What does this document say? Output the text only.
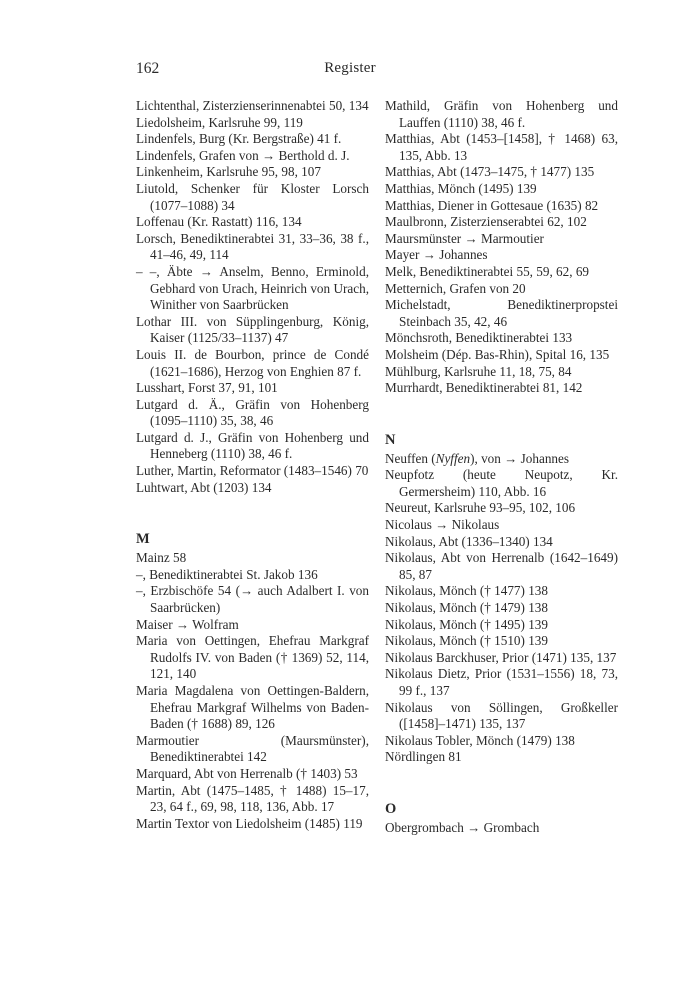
162	Register
Lichtenthal, Zisterzienserinnenabtei 50, 134
Liedolsheim, Karlsruhe 99, 119
Lindenfels, Burg (Kr. Bergstraße) 41 f.
Lindenfels, Grafen von → Berthold d. J.
Linkenheim, Karlsruhe 95, 98, 107
Liutold, Schenker für Kloster Lorsch (1077–1088) 34
Loffenau (Kr. Rastatt) 116, 134
Lorsch, Benediktinerabtei 31, 33–36, 38 f., 41–46, 49, 114
– –, Äbte → Anselm, Benno, Erminold, Gebhard von Urach, Heinrich von Urach, Winither von Saarbrücken
Lothar III. von Süpplingenburg, König, Kaiser (1125/33–1137) 47
Louis II. de Bourbon, prince de Condé (1621–1686), Herzog von Enghien 87 f.
Lusshart, Forst 37, 91, 101
Lutgard d. Ä., Gräfin von Hohenberg (1095–1110) 35, 38, 46
Lutgard d. J., Gräfin von Hohenberg und Henneberg (1110) 38, 46 f.
Luther, Martin, Reformator (1483–1546) 70
Luhtwart, Abt (1203) 134
M
Mainz 58
–, Benediktinerabtei St. Jakob 136
–, Erzbischöfe 54 (→ auch Adalbert I. von Saarbrücken)
Maiser → Wolfram
Maria von Oettingen, Ehefrau Markgraf Rudolfs IV. von Baden († 1369) 52, 114, 121, 140
Maria Magdalena von Oettingen-Baldern, Ehefrau Markgraf Wilhelms von Baden-Baden († 1688) 89, 126
Marmoutier (Maursmünster), Benediktinerabtei 142
Marquard, Abt von Herrenalb († 1403) 53
Martin, Abt (1475–1485, † 1488) 15–17, 23, 64 f., 69, 98, 118, 136, Abb. 17
Martin Textor von Liedolsheim (1485) 119
Mathild, Gräfin von Hohenberg und Lauffen (1110) 38, 46 f.
Matthias, Abt (1453–[1458], † 1468) 63, 135, Abb. 13
Matthias, Abt (1473–1475, † 1477) 135
Matthias, Mönch (1495) 139
Matthias, Diener in Gottesaue (1635) 82
Maulbronn, Zisterzienserabtei 62, 102
Maursmünster → Marmoutier
Mayer → Johannes
Melk, Benediktinerabtei 55, 59, 62, 69
Metternich, Grafen von 20
Michelstadt, Benediktinerpropstei Steinbach 35, 42, 46
Mönchsroth, Benediktinerabtei 133
Molsheim (Dép. Bas-Rhin), Spital 16, 135
Mühlburg, Karlsruhe 11, 18, 75, 84
Murrhardt, Benediktinerabtei 81, 142
N
Neuffen (Nyffen), von → Johannes
Neupfotz (heute Neupotz, Kr. Germersheim) 110, Abb. 16
Neureut, Karlsruhe 93–95, 102, 106
Nicolaus → Nikolaus
Nikolaus, Abt (1336–1340) 134
Nikolaus, Abt von Herrenalb (1642–1649) 85, 87
Nikolaus, Mönch († 1477) 138
Nikolaus, Mönch († 1479) 138
Nikolaus, Mönch († 1495) 139
Nikolaus, Mönch († 1510) 139
Nikolaus Barckhuser, Prior (1471) 135, 137
Nikolaus Dietz, Prior (1531–1556) 18, 73, 99 f., 137
Nikolaus von Söllingen, Großkeller ([1458]–1471) 135, 137
Nikolaus Tobler, Mönch (1479) 138
Nördlingen 81
O
Obergrombach → Grombach
